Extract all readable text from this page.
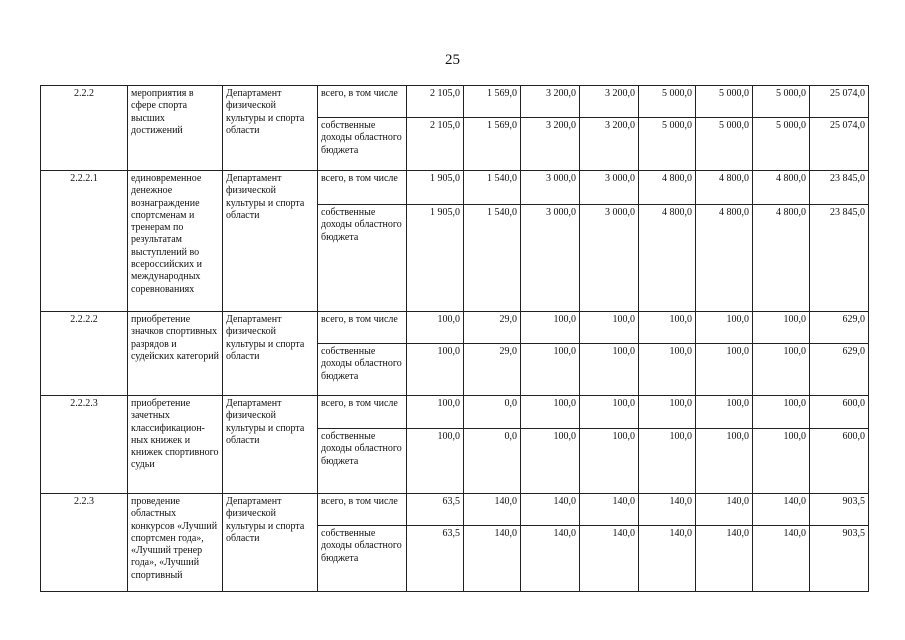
25
2.2.2	мероприятия в сфере спорта высших достижений	Департамент физической культуры и спорта области	всего, в том числе	2 105,0	1 569,0	3 200,0	3 200,0	5 000,0	5 000,0	5 000,0	25 074,0
			собственные доходы областного бюджета	2 105,0	1 569,0	3 200,0	3 200,0	5 000,0	5 000,0	5 000,0	25 074,0
2.2.2.1	единовременное денежное вознаграждение спортсменам и тренерам по результатам выступлений во всероссийских и международных соревнованиях	Департамент физической культуры и спорта области	всего, в том числе	1 905,0	1 540,0	3 000,0	3 000,0	4 800,0	4 800,0	4 800,0	23 845,0
			собственные доходы областного бюджета	1 905,0	1 540,0	3 000,0	3 000,0	4 800,0	4 800,0	4 800,0	23 845,0
2.2.2.2	приобретение значков спортивных разрядов и судейских категорий	Департамент физической культуры и спорта области	всего, в том числе	100,0	29,0	100,0	100,0	100,0	100,0	100,0	629,0
			собственные доходы областного бюджета	100,0	29,0	100,0	100,0	100,0	100,0	100,0	629,0
2.2.2.3	приобретение зачетных классификацион-ных книжек и книжек спортивного судьи	Департамент физической культуры и спорта области	всего, в том числе	100,0	0,0	100,0	100,0	100,0	100,0	100,0	600,0
			собственные доходы областного бюджета	100,0	0,0	100,0	100,0	100,0	100,0	100,0	600,0
2.2.3	проведение областных конкурсов «Лучший спортсмен года», «Лучший тренер года», «Лучший спортивный	Департамент физической культуры и спорта области	всего, в том числе	63,5	140,0	140,0	140,0	140,0	140,0	140,0	903,5
			собственные доходы областного бюджета	63,5	140,0	140,0	140,0	140,0	140,0	140,0	903,5
